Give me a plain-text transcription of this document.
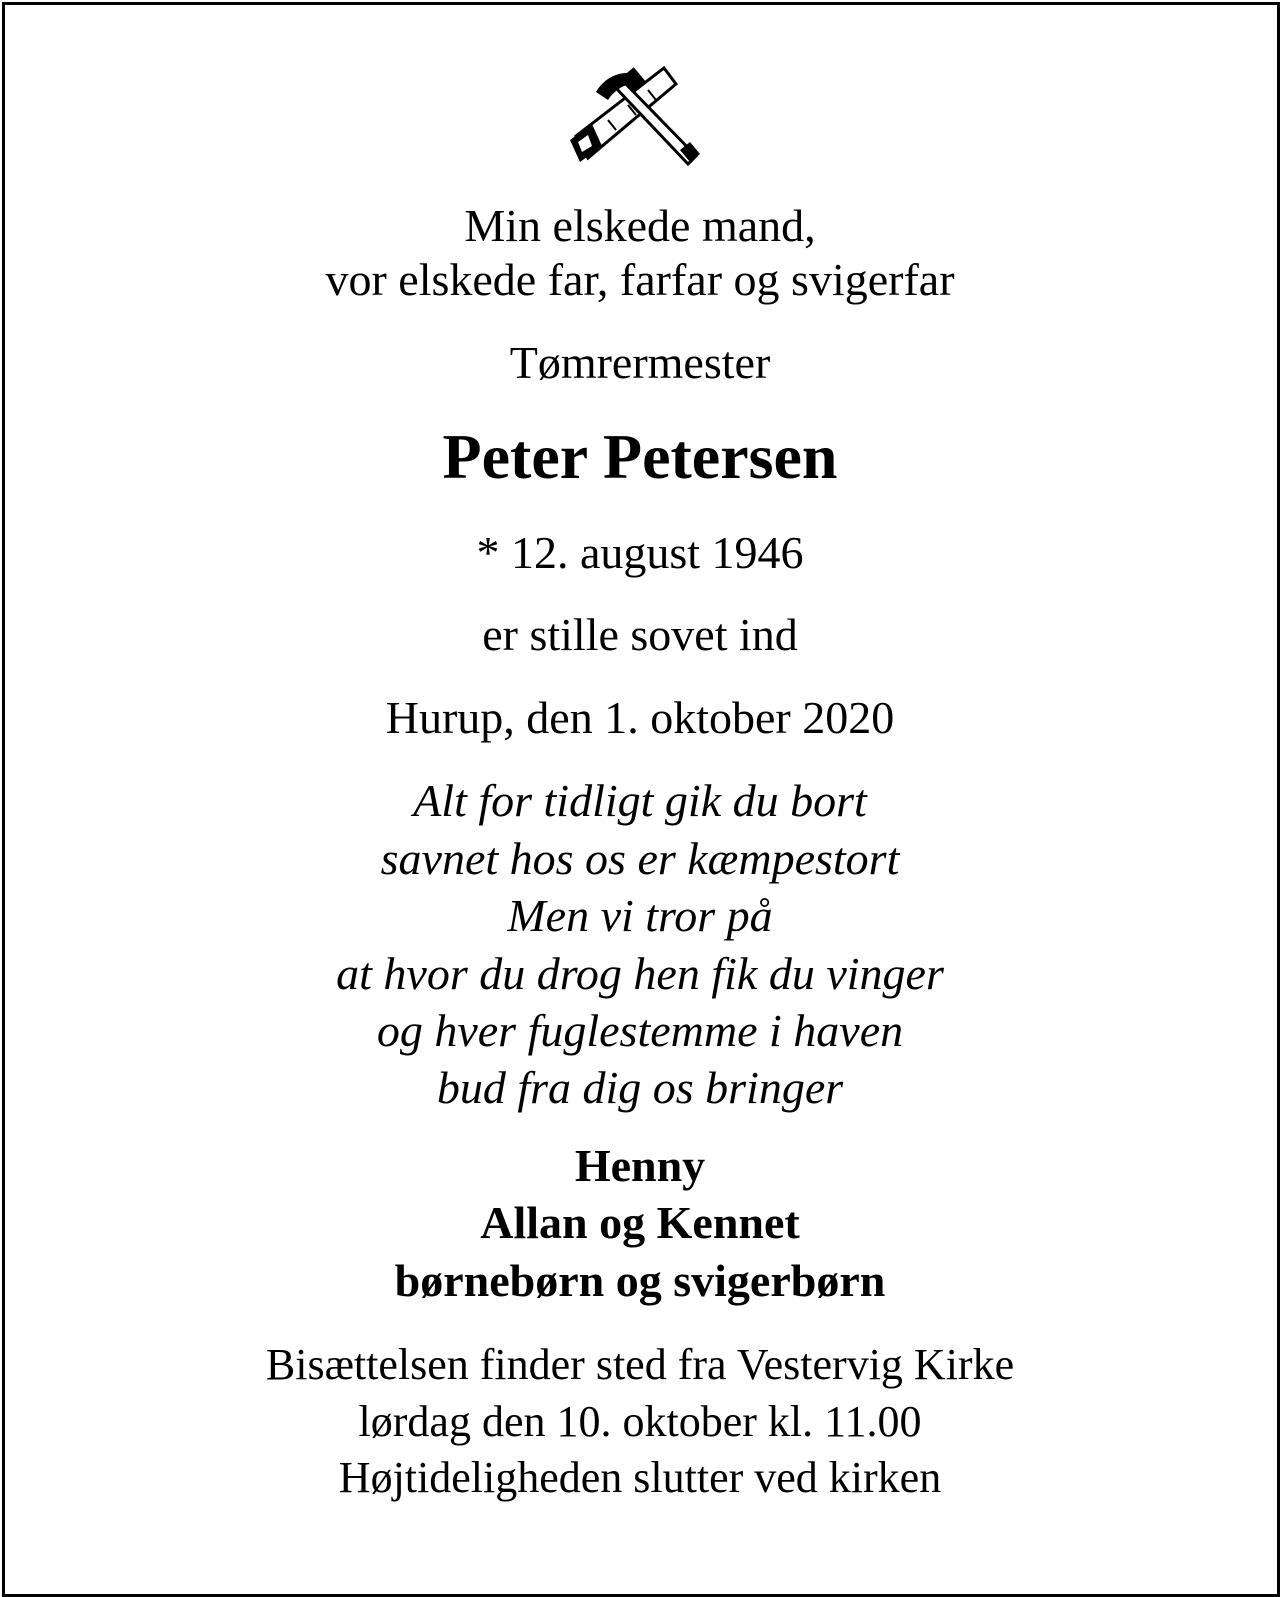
Min elskede mand,
vor elskede far, farfar og svigerfar
Tømrermester
Peter Petersen
* 12. august 1946
er stille sovet ind
Hurup, den 1. oktober 2020
Alt for tidligt gik du bort
savnet hos os er kæmpestort
Men vi tror på
at hvor du drog hen fik du vinger
og hver fuglestemme i haven
bud fra dig os bringer
Henny
Allan og Kennet
børnebørn og svigerbørn
Bisættelsen finder sted fra Vestervig Kirke
lørdag den 10. oktober kl. 11.00
Højtideligheden slutter ved kirken
